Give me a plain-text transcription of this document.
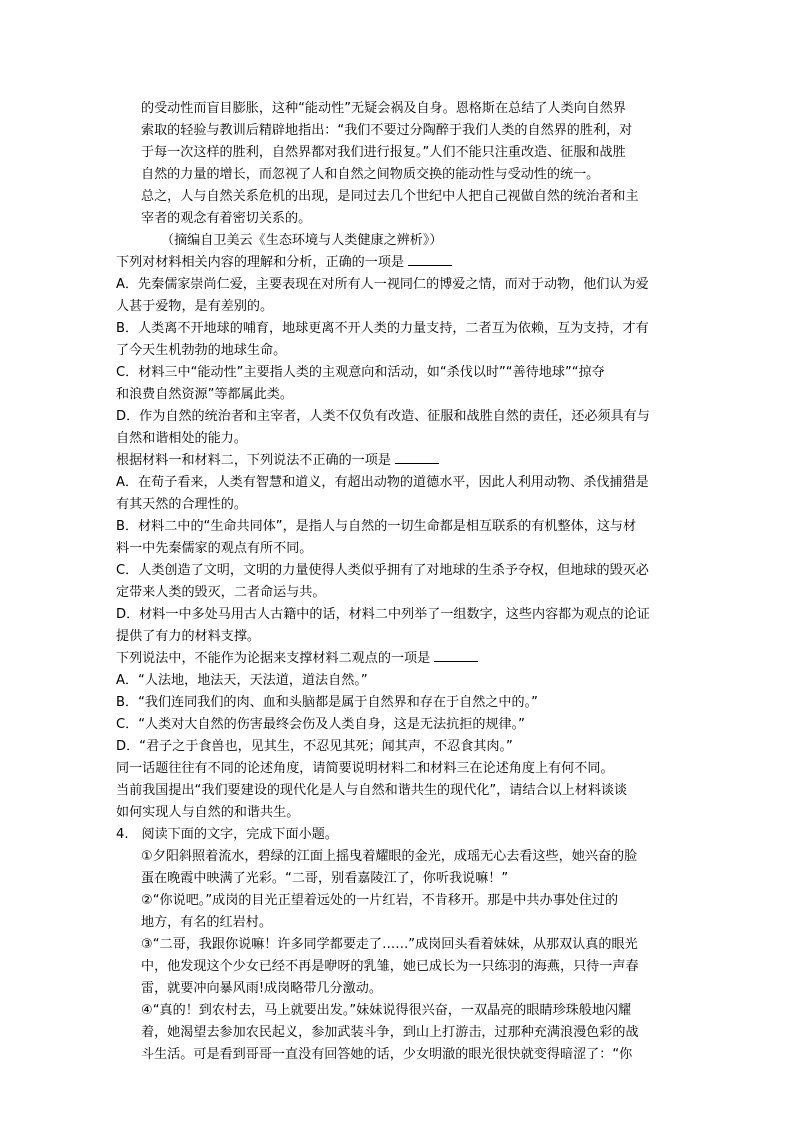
的受动性而盲目膨胀，这种“能动性”无疑会祸及自身。恩格斯在总结了人类向自然界
索取的轻验与教训后精辟地指出：“我们不要过分陶醉于我们人类的自然界的胜利，对
于每一次这样的胜利，自然界都对我们进行报复。”人们不能只注重改造、征服和战胜
自然的力量的增长，而忽视了人和自然之间物质交换的能动性与受动性的统一。
总之，人与自然关系危机的出现，是同过去几个世纪中人把自己视做自然的统治者和主
宰者的观念有着密切关系的。
（摘编自卫美云《生态环境与人类健康之辨析》）
下列对材料相关内容的理解和分析，正确的一项是
A．先秦儒家崇尚仁爱，主要表现在对所有人一视同仁的博爱之情，而对于动物，他们认为爱
人甚于爱物，是有差别的。
B．人类离不开地球的哺育，地球更离不开人类的力量支持，二者互为依赖，互为支持，才有
了今天生机勃勃的地球生命。
C．材料三中“能动性”主要指人类的主观意向和活动，如“杀伐以时”“善待地球”“掠夺
和浪费自然资源”等都属此类。
D．作为自然的统治者和主宰者，人类不仅负有改造、征服和战胜自然的责任，还必须具有与
自然和谐相处的能力。
根据材料一和材料二，下列说法不正确的一项是
A．在荀子看来，人类有智慧和道义，有超出动物的道德水平，因此人利用动物、杀伐捕猎是
有其天然的合理性的。
B．材料二中的“生命共同体”，是指人与自然的一切生命都是相互联系的有机整体，这与材
料一中先秦儒家的观点有所不同。
C．人类创造了文明，文明的力量使得人类似乎拥有了对地球的生杀予夺权，但地球的毁灭必
定带来人类的毁灭，二者命运与共。
D．材料一中多处马用古人古籍中的话，材料二中列举了一组数字，这些内容都为观点的论证
提供了有力的材料支撑。
下列说法中，不能作为论据来支撑材料二观点的一项是
A．“人法地，地法天，天法道，道法自然。”
B．“我们连同我们的肉、血和头脑都是属于自然界和存在于自然之中的。”
C．“人类对大自然的伤害最终会伤及人类自身，这是无法抗拒的规律。”
D．“君子之于食兽也，见其生，不忍见其死；闻其声，不忍食其肉。”
同一话题往往有不同的论述角度，请简要说明材料二和材料三在论述角度上有何不同。
当前我国提出“我们要建设的现代化是人与自然和谐共生的现代化”，请结合以上材料谈谈
如何实现人与自然的和谐共生。
4. 阅读下面的文字，完成下面小题。
①夕阳斜照着流水，碧绿的江面上摇曳着耀眼的金光，成瑶无心去看这些，她兴奋的脸
蛋在晚霞中映满了光彩。“二哥，别看嘉陵江了，你听我说嘛！”
②“你说吧。”成岗的目光正望着远处的一片红岩，不肯移开。那是中共办事处住过的
地方，有名的红岩村。
③“二哥，我跟你说嘛！许多同学都要走了……”成岗回头看着妹妹，从那双认真的眼光
中，他发现这个少女已经不再是咿呀的乳雏，她已成长为一只练羽的海燕，只待一声春
雷，就要冲向暴风雨!成岗略带几分激动。
④“真的！到农村去，马上就要出发。”妹妹说得很兴奋，一双晶亮的眼睛珍珠般地闪耀
着，她渴望去参加农民起义，参加武装斗争，到山上打游击，过那种充满浪漫色彩的战
斗生活。可是看到哥哥一直没有回答她的话，少女明澈的眼光很快就变得暗涩了：“你
